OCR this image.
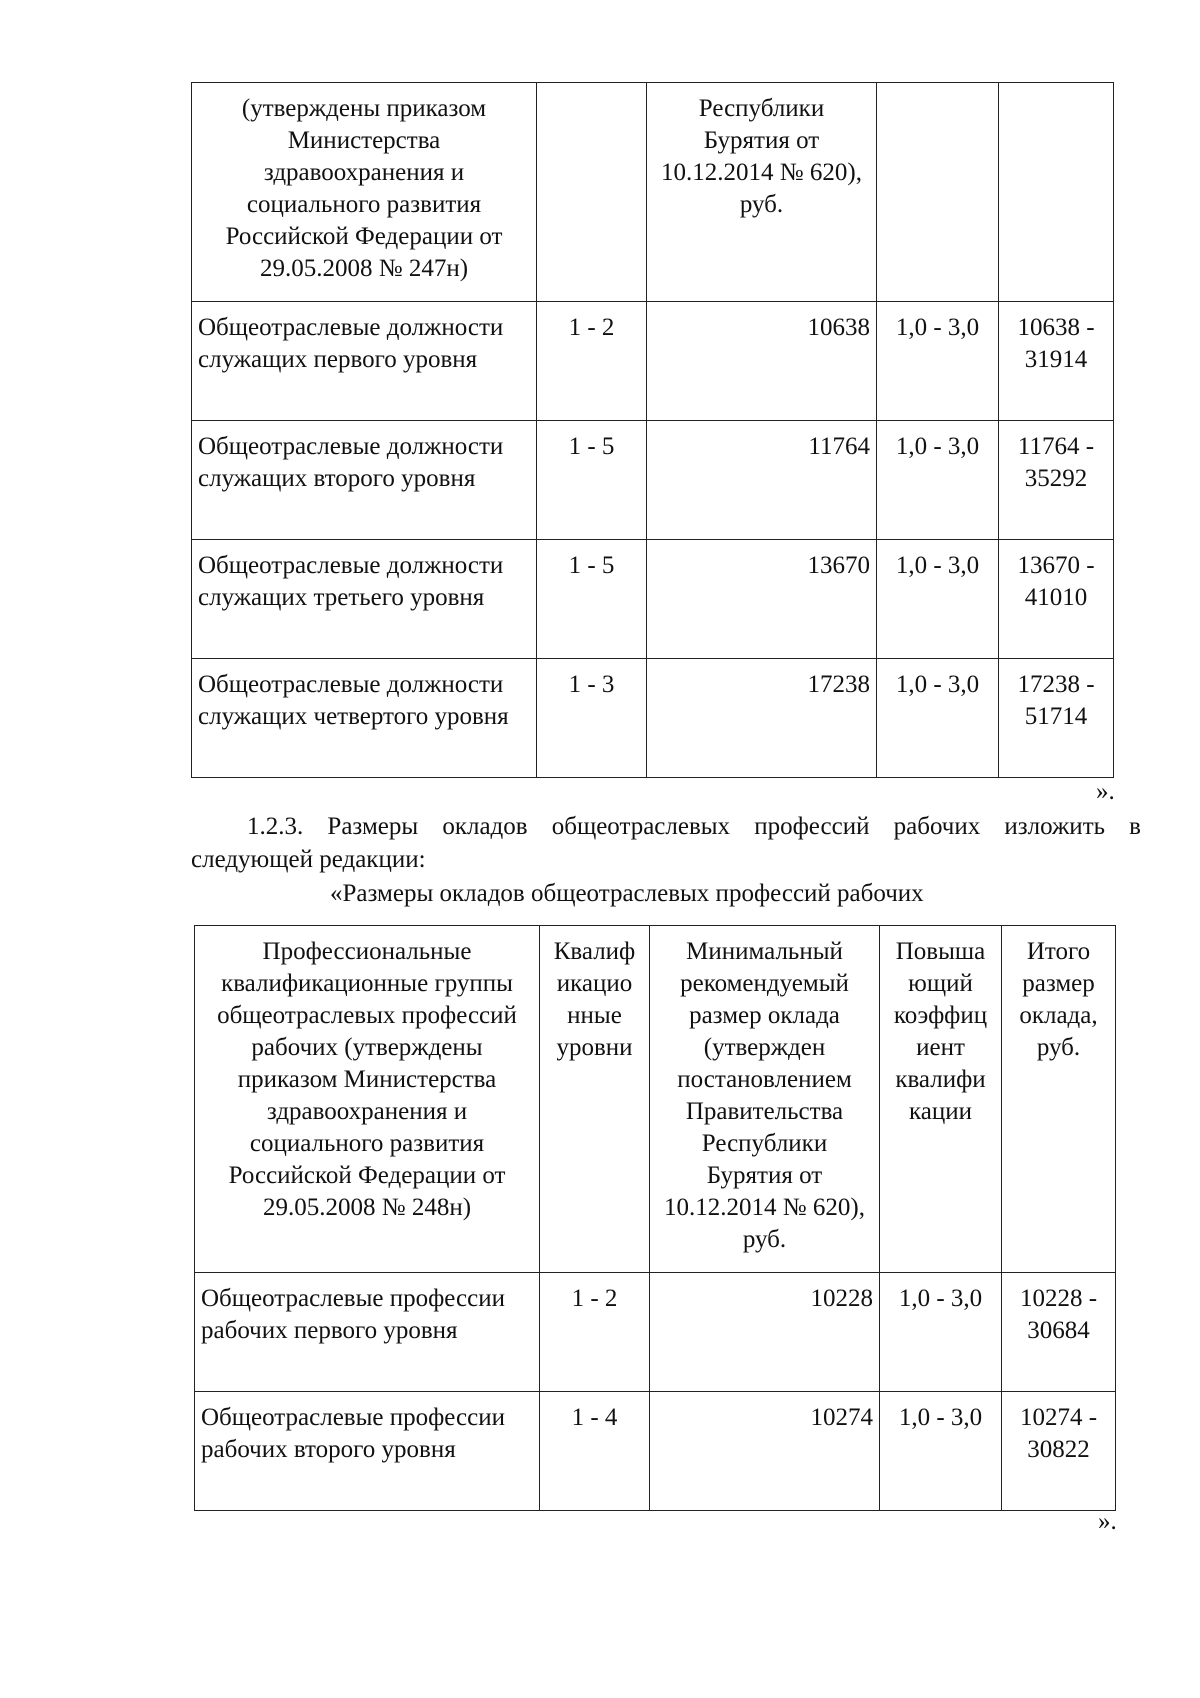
(утверждены приказом Министерства здравоохранения и социального развития Российской Федерации от 29.05.2008 № 247н)		Республики Бурятия от 10.12.2014 № 620), руб.		
Общеотраслевые должности служащих первого уровня	1 - 2	10638	1,0 - 3,0	10638 - 31914
Общеотраслевые должности служащих второго уровня	1 - 5	11764	1,0 - 3,0	11764 - 35292
Общеотраслевые должности служащих третьего уровня	1 - 5	13670	1,0 - 3,0	13670 - 41010
Общеотраслевые должности служащих четвертого уровня	1 - 3	17238	1,0 - 3,0	17238 - 51714
».
1.2.3. Размеры окладов общеотраслевых профессий рабочих изложить в
следующей редакции:
«Размеры окладов общеотраслевых профессий рабочих
Профессиональные квалификационные группы общеотраслевых профессий рабочих (утверждены приказом Министерства здравоохранения и социального развития Российской Федерации от 29.05.2008 № 248н)	Квалиф икацио нные уровни	Минимальный рекомендуемый размер оклада (утвержден постановлением Правительства Республики Бурятия от 10.12.2014 № 620), руб.	Повыша ющий коэффиц иент квалифи кации	Итого размер оклада, руб.
Общеотраслевые профессии рабочих первого уровня	1 - 2	10228	1,0 - 3,0	10228 - 30684
Общеотраслевые профессии рабочих второго уровня	1 - 4	10274	1,0 - 3,0	10274 - 30822
».
